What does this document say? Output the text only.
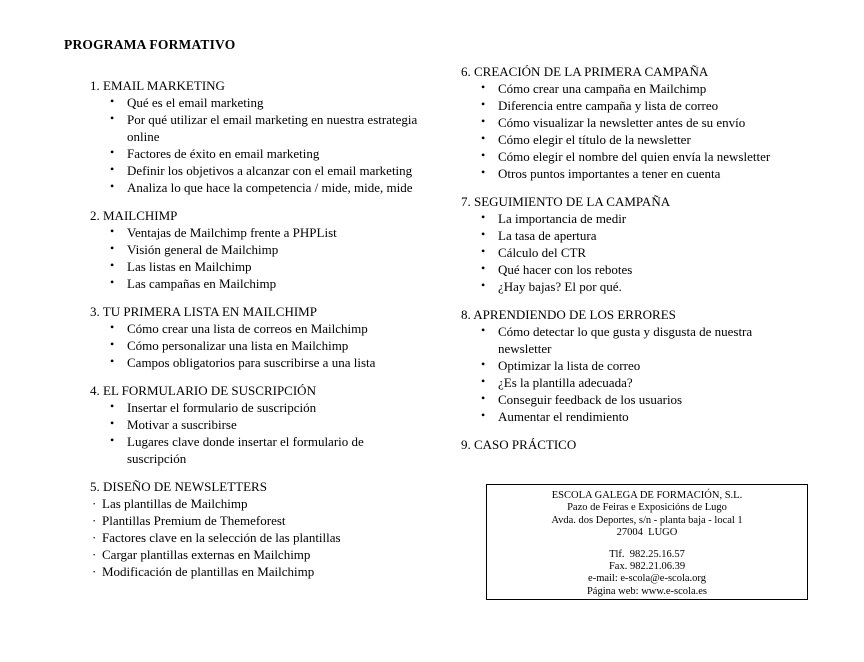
PROGRAMA FORMATIVO
1. EMAIL MARKETING
• Qué es el email marketing
• Por qué utilizar el email marketing en nuestra estrategia online
• Factores de éxito en email marketing
• Definir los objetivos a alcanzar con el email marketing
• Analiza lo que hace la competencia / mide, mide, mide
2. MAILCHIMP
• Ventajas de Mailchimp frente a PHPList
• Visión general de Mailchimp
• Las listas en Mailchimp
• Las campañas en Mailchimp
3. TU PRIMERA LISTA EN MAILCHIMP
• Cómo crear una lista de correos en Mailchimp
• Cómo personalizar una lista en Mailchimp
• Campos obligatorios para suscribirse a una lista
4. EL FORMULARIO DE SUSCRIPCIÓN
• Insertar el formulario de suscripción
• Motivar a suscribirse
• Lugares clave donde insertar el formulario de suscripción
5. DISEÑO DE NEWSLETTERS
· Las plantillas de Mailchimp
· Plantillas Premium de Themeforest
· Factores clave en la selección de las plantillas
· Cargar plantillas externas en Mailchimp
· Modificación de plantillas en Mailchimp
6. CREACIÓN DE LA PRIMERA CAMPAÑA
• Cómo crear una campaña en Mailchimp
• Diferencia entre campaña y lista de correo
• Cómo visualizar la newsletter antes de su envío
• Cómo elegir el título de la newsletter
• Cómo elegir el nombre del quien envía la newsletter
• Otros puntos importantes a tener en cuenta
7. SEGUIMIENTO DE LA CAMPAÑA
• La importancia de medir
• La tasa de apertura
• Cálculo del CTR
• Qué hacer con los rebotes
• ¿Hay bajas? El por qué.
8. APRENDIENDO DE LOS ERRORES
• Cómo detectar lo que gusta y disgusta de nuestra newsletter
• Optimizar la lista de correo
• ¿Es la plantilla adecuada?
• Conseguir feedback de los usuarios
• Aumentar el rendimiento
9. CASO PRÁCTICO
ESCOLA GALEGA DE FORMACIÓN, S.L.
Pazo de Feiras e Exposicións de Lugo
Avda. dos Deportes, s/n - planta baja - local 1
27004  LUGO
Tlf.  982.25.16.57
Fax. 982.21.06.39
e-mail: e-scola@e-scola.org
Página web: www.e-scola.es
